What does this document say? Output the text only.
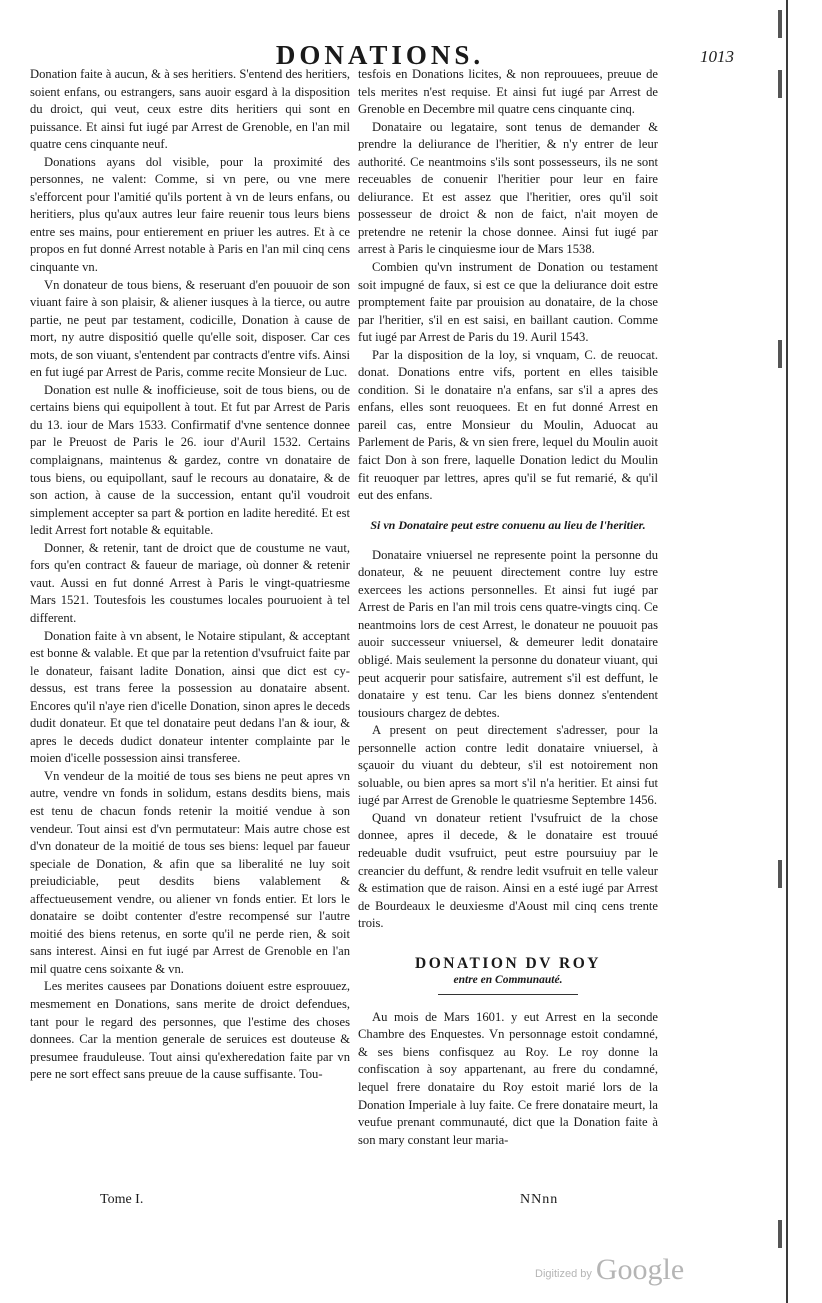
DONATIONS.	1013

Donation faite à aucun, & à ses heritiers. S'entend des heritiers, soient enfans, ou estrangers, sans auoir esgard à la disposition du droict, qui veut, ceux estre dits heritiers qui sont en puissance. Et ainsi fut iugé par Arrest de Grenoble, en l'an mil quatre cens cinquante neuf.

Donations ayans dol visible, pour la proximité des personnes, ne valent: Comme, si vn pere, ou vne mere s'efforcent pour l'amitié qu'ils portent à vn de leurs enfans, ou heritiers, plus qu'aux autres leur faire reuenir tous leurs biens entre ses mains, pour entierement en priuer les autres. Et à ce propos en fut donné Arrest notable à Paris en l'an mil cinq cens cinquante vn.

Vn donateur de tous biens, & reseruant d'en pouuoir de son viuant faire à son plaisir, & aliener iusques à la tierce, ou autre partie, ne peut par testament, codicille, Donation à cause de mort, ny autre dispositió quelle qu'elle soit, disposer. Car ces mots, de son viuant, s'entendent par contracts d'entre vifs. Ainsi en fut iugé par Arrest de Paris, comme recite Monsieur de Luc.

Donation est nulle & inofficieuse, soit de tous biens, ou de certains biens qui equipollent à tout. Et fut par Arrest de Paris du 13. iour de Mars 1533. Confirmatif d'vne sentence donnee par le Preuost de Paris le 26. iour d'Auril 1532. Certains complaignans, maintenus & gardez, contre vn donataire de tous biens, ou equipollant, sauf le recours au donataire, & de son action, à cause de la succession, entant qu'il voudroit simplement accepter sa part & portion en ladite heredité. Et est ledit Arrest fort notable & equitable.

Donner, & retenir, tant de droict que de coustume ne vaut, fors qu'en contract & faueur de mariage, où donner & retenir vaut. Aussi en fut donné Arrest à Paris le vingt-quatriesme Mars 1521. Toutesfois les coustumes locales pouruoient à tel different.

Donation faite à vn absent, le Notaire stipulant, & acceptant est bonne & valable. Et que par la retention d'vsufruict faite par le donateur, faisant ladite Donation, ainsi que dict est cy-dessus, est trans feree la possession au donataire absent. Encores qu'il n'aye rien d'icelle Donation, sinon apres le deceds dudit donateur. Et que tel donataire peut dedans l'an & iour, & apres le deceds dudict donateur intenter complainte par le moien d'icelle possession ainsi transferee.

Vn vendeur de la moitié de tous ses biens ne peut apres vn autre, vendre vn fonds in solidum, estans desdits biens, mais est tenu de chacun fonds retenir la moitié vendue à son vendeur. Tout ainsi est d'vn permutateur: Mais autre chose est d'vn donateur de la moitié de tous ses biens: lequel par faueur speciale de Donation, & afin que sa liberalité ne luy soit preiudiciable, peut desdits biens valablement & affectueusement vendre, ou aliener vn fonds entier. Et lors le donataire se doibt contenter d'estre recompensé sur l'autre moitié des biens retenus, en sorte qu'il ne perde rien, & soit sans interest. Ainsi en fut iugé par Arrest de Grenoble en l'an mil quatre cens soixante & vn.

Les merites causees par Donations doiuent estre esprouuez, mesmement en Donations, sans merite de droict defendues, tant pour le regard des personnes, que l'estime des choses donnees. Car la mention generale de seruices est douteuse & presumee frauduleuse. Tout ainsi qu'exheredation faite par vn pere ne sort effect sans preuue de la cause suffisante. Tou-

tesfois en Donations licites, & non reprouuees, preuue de tels merites n'est requise. Et ainsi fut iugé par Arrest de Grenoble en Decembre mil quatre cens cinquante cinq.

Donataire ou legataire, sont tenus de demander & prendre la deliurance de l'heritier, & n'y entrer de leur authorité. Ce neantmoins s'ils sont possesseurs, ils ne sont receuables de conuenir l'heritier pour leur en faire deliurance. Et est assez que l'heritier, ores qu'il soit possesseur de droict & non de faict, n'ait moyen de pretendre ne retenir la chose donnee. Ainsi fut iugé par arrest à Paris le cinquiesme iour de Mars 1538.

Combien qu'vn instrument de Donation ou testament soit impugné de faux, si est ce que la deliurance doit estre promptement faite par prouision au donataire, de la chose par l'heritier, s'il en est saisi, en baillant caution. Comme fut iugé par Arrest de Paris du 19. Auril 1543.

Par la disposition de la loy, si vnquam, C. de reuocat. donat. Donations entre vifs, portent en elles taisible condition. Si le donataire n'a enfans, sar s'il a apres des enfans, elles sont reuoquees. Et en fut donné Arrest en pareil cas, entre Monsieur du Moulin, Aduocat au Parlement de Paris, & vn sien frere, lequel du Moulin auoit faict Don à son frere, laquelle Donation ledict du Moulin fit reuoquer par lettres, apres qu'il se fut remarié, & qu'il eut des enfans.

Si vn Donataire peut estre conuenu au lieu de l'heritier.

Donataire vniuersel ne represente point la personne du donateur, & ne peuuent directement contre luy estre exercees les actions personnelles. Et ainsi fut iugé par Arrest de Paris en l'an mil trois cens quatre-vingts cinq. Ce neantmoins lors de cest Arrest, le donateur ne pouuoit pas auoir successeur vniuersel, & demeurer ledit donataire obligé. Mais seulement la personne du donateur viuant, qui peut acquerir pour satisfaire, autrement s'il est deffunt, le donataire y est tenu. Car les biens donnez s'entendent tousiours chargez de debtes.

A present on peut directement s'adresser, pour la personnelle action contre ledit donataire vniuersel, à sçauoir du viuant du debteur, s'il est notoirement non soluable, ou bien apres sa mort s'il n'a heritier. Et ainsi fut iugé par Arrest de Grenoble le quatriesme Septembre 1456.

Quand vn donateur retient l'vsufruict de la chose donnee, apres il decede, & le donataire est trouué redeuable dudit vsufruict, peut estre poursuiuy par le creancier du deffunt, & rendre ledit vsufruit en telle valeur & estimation que de raison. Ainsi en a esté iugé par Arrest de Bourdeaux le deuxiesme d'Aoust mil cinq cens trente trois.

DONATION DV ROY
entre en Communauté.

Au mois de Mars 1601. y eut Arrest en la seconde Chambre des Enquestes. Vn personnage estoit condamné, & ses biens confisquez au Roy. Le roy donne la confiscation à soy appartenant, au frere du condamné, lequel frere donataire du Roy estoit marié lors de la Donation Imperiale à luy faite. Ce frere donataire meurt, la veufue prenant communauté, dict que la Donation faite à son mary constant leur maria-

Tome I.	NNnn
Digitized by Google
